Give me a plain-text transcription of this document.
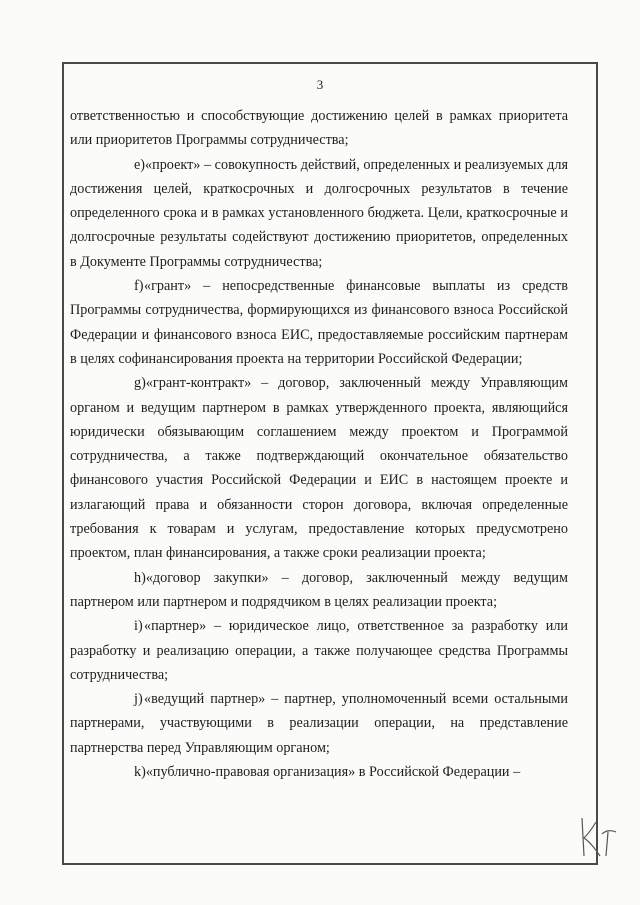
3

ответственностью и способствующие достижению целей в рамках приоритета или приоритетов Программы сотрудничества;

e)«проект» – совокупность действий, определенных и реализуемых для достижения целей, краткосрочных и долгосрочных результатов в течение определенного срока и в рамках установленного бюджета. Цели, краткосрочные и долгосрочные результаты содействуют достижению приоритетов, определенных в Документе Программы сотрудничества;

f)«грант» – непосредственные финансовые выплаты из средств Программы сотрудничества, формирующихся из финансового взноса Российской Федерации и финансового взноса ЕИС, предоставляемые российским партнерам в целях софинансирования проекта на территории Российской Федерации;

g)«грант-контракт» – договор, заключенный между Управляющим органом и ведущим партнером в рамках утвержденного проекта, являющийся юридически обязывающим соглашением между проектом и Программой сотрудничества, а также подтверждающий окончательное обязательство финансового участия Российской Федерации и ЕИС в настоящем проекте и излагающий права и обязанности сторон договора, включая определенные требования к товарам и услугам, предоставление которых предусмотрено проектом, план финансирования, а также сроки реализации проекта;

h)«договор закупки» – договор, заключенный между ведущим партнером или партнером и подрядчиком в целях реализации проекта;

i)«партнер» – юридическое лицо, ответственное за разработку или разработку и реализацию операции, а также получающее средства Программы сотрудничества;

j)«ведущий партнер» – партнер, уполномоченный всеми остальными партнерами, участвующими в реализации операции, на представление партнерства перед Управляющим органом;

k)«публично-правовая организация» в Российской Федерации –
